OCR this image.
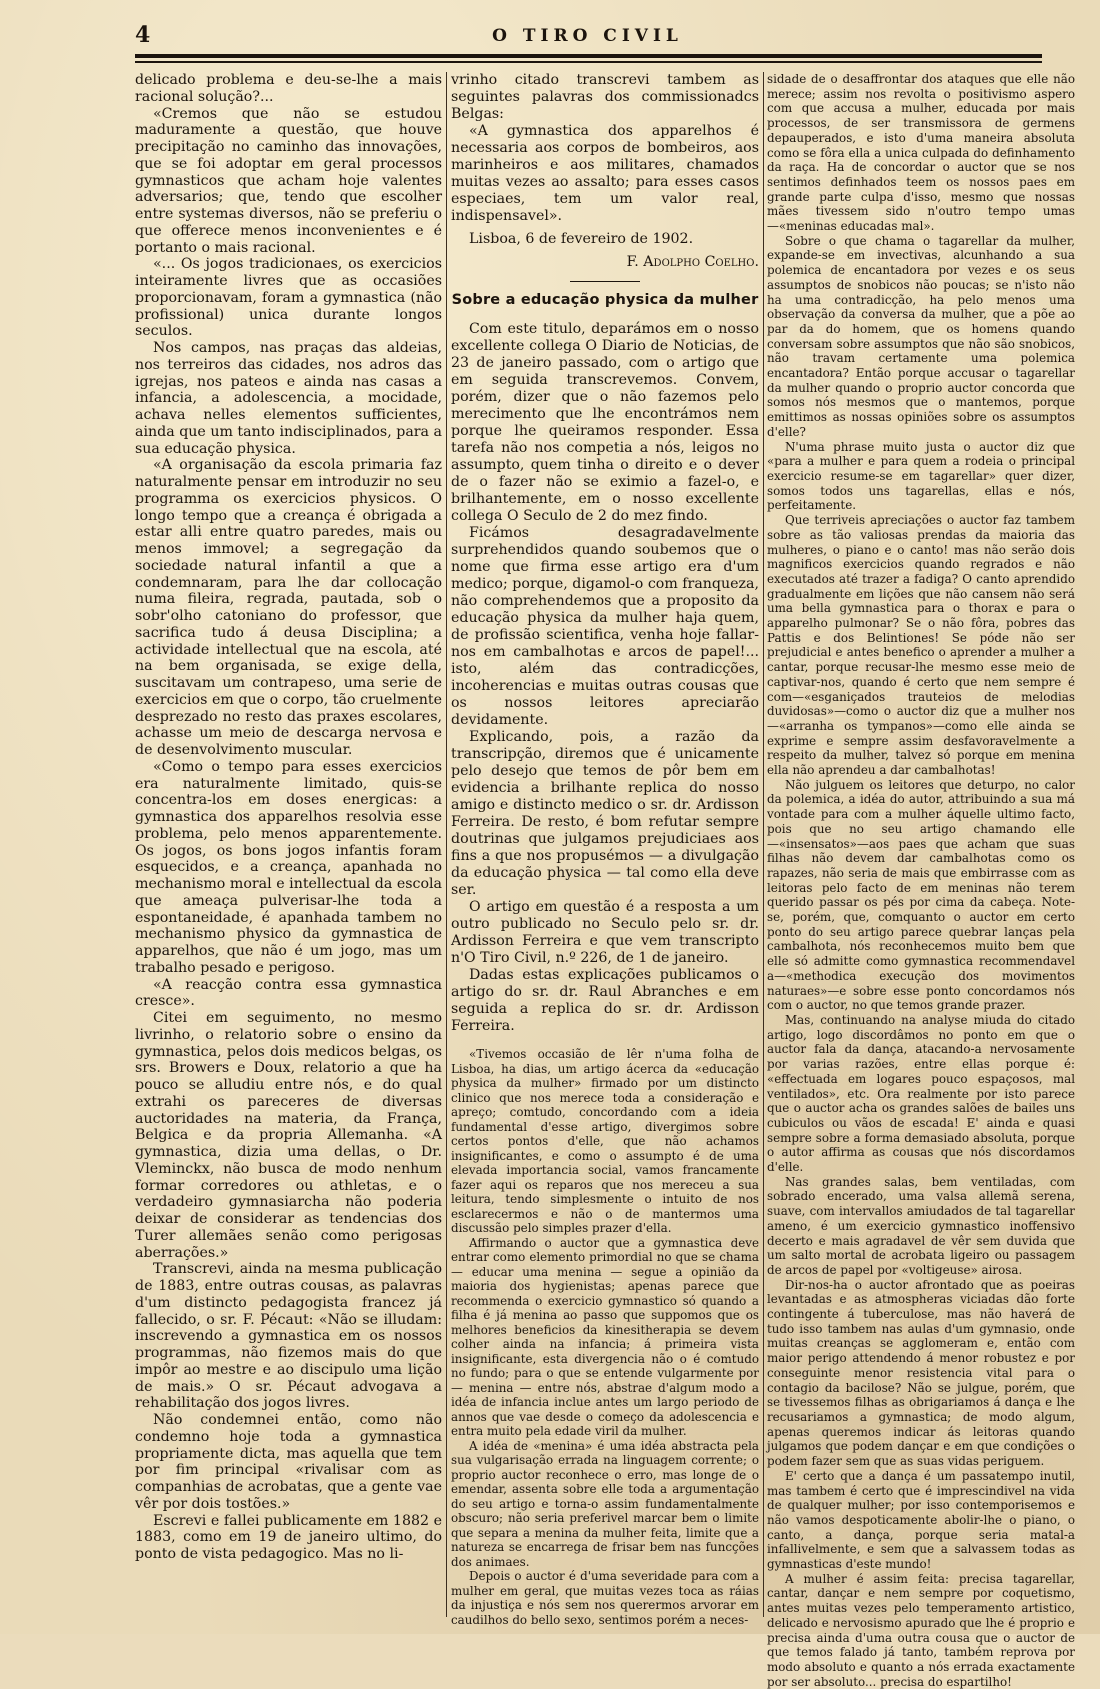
4	O TIRO CIVIL

delicado problema e deu-se-lhe a mais racional solução?...

«Cremos que não se estudou maduramente a questão, que houve precipitação no caminho das innovações, que se foi adoptar em geral processos gymnasticos que acham hoje valentes adversarios; que, tendo que escolher entre systemas diversos, não se preferiu o que offerece menos inconvenientes e é portanto o mais racional.

«... Os jogos tradicionaes, os exercicios inteiramente livres que as occasiões proporcionavam, foram a gymnastica (não profissional) unica durante longos seculos.

Nos campos, nas praças das aldeias, nos terreiros das cidades, nos adros das igrejas, nos pateos e ainda nas casas a infancia, a adolescencia, a mocidade, achava nelles elementos sufficientes, ainda que um tanto indisciplinados, para a sua educação physica.

«A organisação da escola primaria faz naturalmente pensar em introduzir no seu programma os exercicios physicos. O longo tempo que a creança é obrigada a estar alli entre quatro paredes, mais ou menos immovel; a segregação da sociedade natural infantil a que a condemnaram, para lhe dar collocação numa fileira, regrada, pautada, sob o sobr'olho catoniano do professor, que sacrifica tudo á deusa Disciplina; a actividade intellectual que na escola, até na bem organisada, se exige della, suscitavam um contrapeso, uma serie de exercicios em que o corpo, tão cruelmente desprezado no resto das praxes escolares, achasse um meio de descarga nervosa e de desenvolvimento muscular.

«Como o tempo para esses exercicios era naturalmente limitado, quis-se concentra-los em doses energicas: a gymnastica dos apparelhos resolvia esse problema, pelo menos apparentemente. Os jogos, os bons jogos infantis foram esquecidos, e a creança, apanhada no mechanismo moral e intellectual da escola que ameaça pulverisar-lhe toda a espontaneidade, é apanhada tambem no mechanismo physico da gymnastica de apparelhos, que não é um jogo, mas um trabalho pesado e perigoso.

«A reacção contra essa gymnastica cresce».

Citei em seguimento, no mesmo livrinho, o relatorio sobre o ensino da gymnastica, pelos dois medicos belgas, os srs. Browers e Doux, relatorio a que ha pouco se alludiu entre nós, e do qual extrahi os pareceres de diversas auctoridades na materia, da França, Belgica e da propria Allemanha. «A gymnastica, dizia uma dellas, o Dr. Vleminckx, não busca de modo nenhum formar corredores ou athletas, e o verdadeiro gymnasiarcha não poderia deixar de considerar as tendencias dos Turer allemães senão como perigosas aberrações.»

Transcrevi, ainda na mesma publicação de 1883, entre outras cousas, as palavras d'um distincto pedagogista francez já fallecido, o sr. F. Pécaut: «Não se illudam: inscrevendo a gymnastica em os nossos programmas, não fizemos mais do que impôr ao mestre e ao discipulo uma lição de mais.» O sr. Pécaut advogava a rehabilitação dos jogos livres.

Não condemnei então, como não condemno hoje toda a gymnastica propriamente dicta, mas aquella que tem por fim principal «rivalisar com as companhias de acrobatas, que a gente vae vêr por dois tostões.»

Escrevi e fallei publicamente em 1882 e 1883, como em 19 de janeiro ultimo, do ponto de vista pedagogico. Mas no li-

vrinho citado transcrevi tambem as seguintes palavras dos commissionadcs Belgas:

«A gymnastica dos apparelhos é necessaria aos corpos de bombeiros, aos marinheiros e aos militares, chamados muitas vezes ao assalto; para esses casos especiaes, tem um valor real, indispensavel».

Lisboa, 6 de fevereiro de 1902.

F. Adolpho Coelho.

Sobre a educação physica da mulher

Com este titulo, deparámos em o nosso excellente collega O Diario de Noticias, de 23 de janeiro passado, com o artigo que em seguida transcrevemos. Convem, porém, dizer que o não fazemos pelo merecimento que lhe encontrámos nem porque lhe queiramos responder. Essa tarefa não nos competia a nós, leigos no assumpto, quem tinha o direito e o dever de o fazer não se eximio a fazel-o, e brilhantemente, em o nosso excellente collega O Seculo de 2 do mez findo.

Ficámos desagradavelmente surprehendidos quando soubemos que o nome que firma esse artigo era d'um medico; porque, digamol-o com franqueza, não comprehendemos que a proposito da educação physica da mulher haja quem, de profissão scientifica, venha hoje fallar-nos em cambalhotas e arcos de papel!... isto, além das contradicções, incoherencias e muitas outras cousas que os nossos leitores apreciarão devidamente.

Explicando, pois, a razão da transcripção, diremos que é unicamente pelo desejo que temos de pôr bem em evidencia a brilhante replica do nosso amigo e distincto medico o sr. dr. Ardisson Ferreira. De resto, é bom refutar sempre doutrinas que julgamos prejudiciaes aos fins a que nos propusémos — a divulgação da educação physica — tal como ella deve ser.

O artigo em questão é a resposta a um outro publicado no Seculo pelo sr. dr. Ardisson Ferreira e que vem transcripto n'O Tiro Civil, n.º 226, de 1 de janeiro.

Dadas estas explicações publicamos o artigo do sr. dr. Raul Abranches e em seguida a replica do sr. dr. Ardisson Ferreira.

«Tivemos occasião de lêr n'uma folha de Lisboa, ha dias, um artigo ácerca da «educação physica da mulher» firmado por um distincto clinico que nos merece toda a consideração e apreço; comtudo, concordando com a ideia fundamental d'esse artigo, divergimos sobre certos pontos d'elle, que não achamos insignificantes, e como o assumpto é de uma elevada importancia social, vamos francamente fazer aqui os reparos que nos mereceu a sua leitura, tendo simplesmente o intuito de nos esclarecermos e não o de mantermos uma discussão pelo simples prazer d'ella.

Affirmando o auctor que a gymnastica deve entrar como elemento primordial no que se chama — educar uma menina — segue a opinião da maioria dos hygienistas; apenas parece que recommenda o exercicio gymnastico só quando a filha é já menina ao passo que suppomos que os melhores beneficios da kinesitherapia se devem colher ainda na infancia; á primeira vista insignificante, esta divergencia não o é comtudo no fundo; para o que se entende vulgarmente por — menina — entre nós, abstrae d'algum modo a idéa de infancia inclue antes um largo periodo de annos que vae desde o começo da adolescencia e entra muito pela edade viril da mulher.

A idéa de «menina» é uma idéa abstracta pela sua vulgarisação errada na linguagem corrente; o proprio auctor reconhece o erro, mas longe de o emendar, assenta sobre elle toda a argumentação do seu artigo e torna-o assim fundamentalmente obscuro; não seria preferivel marcar bem o limite que separa a menina da mulher feita, limite que a natureza se encarrega de frisar bem nas funcções dos animaes.

Depois o auctor é d'uma severidade para com a mulher em geral, que muitas vezes toca as ráias da injustiça e nós sem nos querermos arvorar em caudilhos do bello sexo, sentimos porém a neces-

sidade de o desaffrontar dos ataques que elle não merece; assim nos revolta o positivismo aspero com que accusa a mulher, educada por mais processos, de ser transmissora de germens depauperados, e isto d'uma maneira absoluta como se fôra ella a unica culpada do definhamento da raça. Ha de concordar o auctor que se nos sentimos definhados teem os nossos paes em grande parte culpa d'isso, mesmo que nossas mães tivessem sido n'outro tempo umas—«meninas educadas mal».

Sobre o que chama o tagarellar da mulher, expande-se em invectivas, alcunhando a sua polemica de encantadora por vezes e os seus assumptos de snobicos não poucas; se n'isto não ha uma contradicção, ha pelo menos uma observação da conversa da mulher, que a põe ao par da do homem, que os homens quando conversam sobre assumptos que não são snobicos, não travam certamente uma polemica encantadora? Então porque accusar o tagarellar da mulher quando o proprio auctor concorda que somos nós mesmos que o mantemos, porque emittimos as nossas opiniões sobre os assumptos d'elle?

N'uma phrase muito justa o auctor diz que «para a mulher e para quem a rodeia o principal exercicio resume-se em tagarellar» quer dizer, somos todos uns tagarellas, ellas e nós, perfeitamente.

Que terriveis apreciações o auctor faz tambem sobre as tão valiosas prendas da maioria das mulheres, o piano e o canto! mas não serão dois magnificos exercicios quando regrados e não executados até trazer a fadiga? O canto aprendido gradualmente em lições que não cansem não será uma bella gymnastica para o thorax e para o apparelho pulmonar? Se o não fôra, pobres das Pattis e dos Belintiones! Se póde não ser prejudicial e antes benefico o aprender a mulher a cantar, porque recusar-lhe mesmo esse meio de captivar-nos, quando é certo que nem sempre é com—«esganiçados trauteios de melodias duvidosas»—como o auctor diz que a mulher nos—«arranha os tympanos»—como elle ainda se exprime e sempre assim desfavoravelmente a respeito da mulher, talvez só porque em menina ella não aprendeu a dar cambalhotas!

Não julguem os leitores que deturpo, no calor da polemica, a idéa do autor, attribuindo a sua má vontade para com a mulher áquelle ultimo facto, pois que no seu artigo chamando elle—«insensatos»—aos paes que acham que suas filhas não devem dar cambalhotas como os rapazes, não seria de mais que embirrasse com as leitoras pelo facto de em meninas não terem querido passar os pés por cima da cabeça. Note-se, porém, que, comquanto o auctor em certo ponto do seu artigo parece quebrar lanças pela cambalhota, nós reconhecemos muito bem que elle só admitte como gymnastica recommendavel a—«methodica execução dos movimentos naturaes»—e sobre esse ponto concordamos nós com o auctor, no que temos grande prazer.

Mas, continuando na analyse miuda do citado artigo, logo discordâmos no ponto em que o auctor fala da dança, atacando-a nervosamente por varias razões, entre ellas porque é: «effectuada em logares pouco espaçosos, mal ventilados», etc. Ora realmente por isto parece que o auctor acha os grandes salões de bailes uns cubiculos ou vãos de escada! E' ainda e quasi sempre sobre a forma demasiado absoluta, porque o autor affirma as cousas que nós discordamos d'elle.

Nas grandes salas, bem ventiladas, com sobrado encerado, uma valsa allemã serena, suave, com intervallos amiudados de tal tagarellar ameno, é um exercicio gymnastico inoffensivo decerto e mais agradavel de vêr sem duvida que um salto mortal de acrobata ligeiro ou passagem de arcos de papel por «voltigeuse» airosa.

Dir-nos-ha o auctor afrontado que as poeiras levantadas e as atmospheras viciadas dão forte contingente á tuberculose, mas não haverá de tudo isso tambem nas aulas d'um gymnasio, onde muitas creanças se agglomeram e, então com maior perigo attendendo á menor robustez e por conseguinte menor resistencia vital para o contagio da bacilose? Não se julgue, porém, que se tivessemos filhas as obrigariamos á dança e lhe recusariamos a gymnastica; de modo algum, apenas queremos indicar ás leitoras quando julgamos que podem dançar e em que condições o podem fazer sem que as suas vidas periguem.

E' certo que a dança é um passatempo inutil, mas tambem é certo que é imprescindivel na vida de qualquer mulher; por isso contemporisemos e não vamos despoticamente abolir-lhe o piano, o canto, a dança, porque seria matal-a infallivelmente, e sem que a salvassem todas as gymnasticas d'este mundo!

A mulher é assim feita: precisa tagarellar, cantar, dançar e nem sempre por coquetismo, antes muitas vezes pelo temperamento artistico, delicado e nervosismo apurado que lhe é proprio e precisa ainda d'uma outra cousa que o auctor de que temos falado já tanto, também reprova por modo absoluto e quanto a nós errada exactamente por ser absoluto... precisa do espartilho!
